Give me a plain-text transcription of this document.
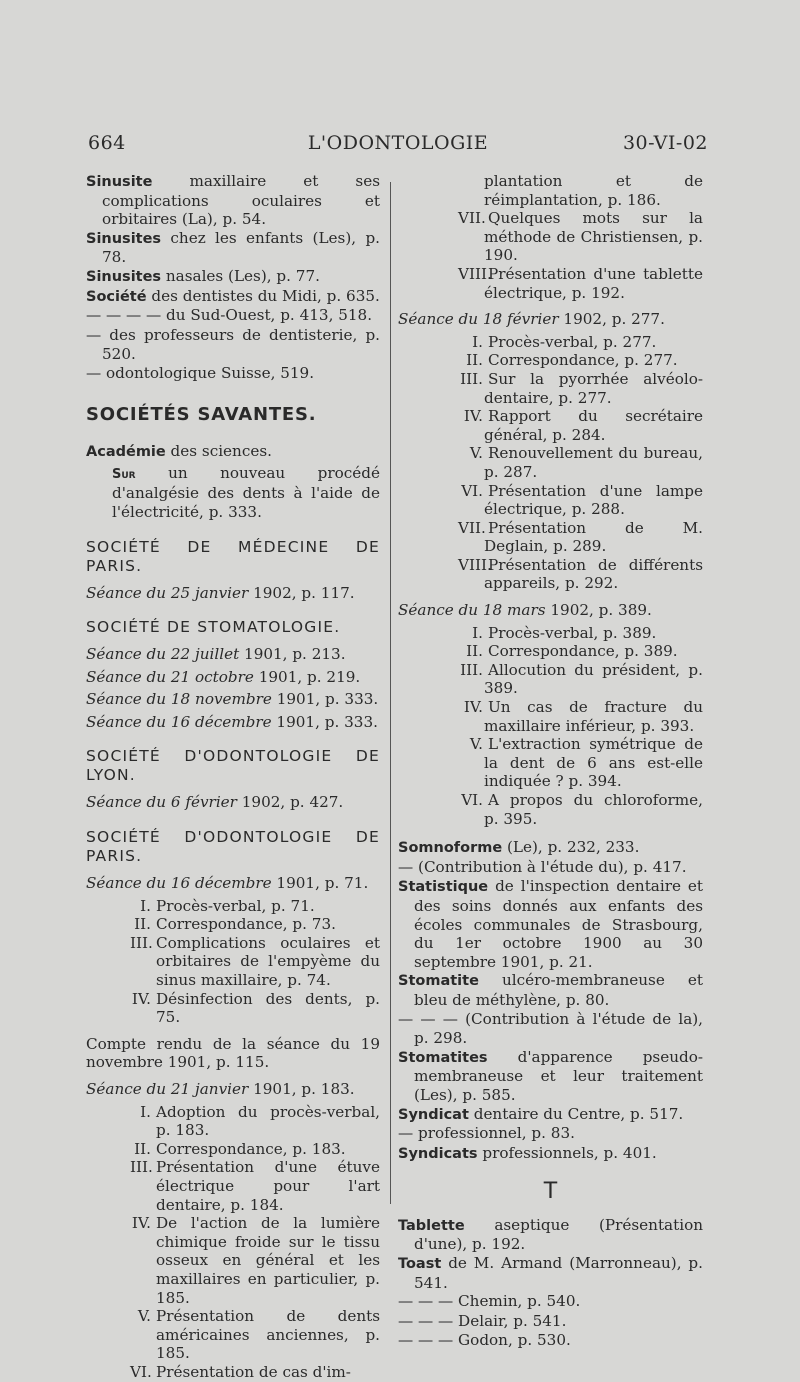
664	L'ODONTOLOGIE	30-VI-02

Sinusite maxillaire et ses complications oculaires et orbitaires (La), p. 54.

Sinusites chez les enfants (Les), p. 78.

Sinusites nasales (Les), p. 77.

Société des dentistes du Midi, p. 635.

— — — — du Sud-Ouest, p. 413, 518.

— des professeurs de dentisterie, p. 520.

— odontologique Suisse, 519.

SOCIÉTÉS SAVANTES.

Académie des sciences.

Sur un nouveau procédé d'analgésie des dents à l'aide de l'électricité, p. 333.

SOCIÉTÉ DE MÉDECINE DE PARIS.

Séance du 25 janvier 1902, p. 117.

SOCIÉTÉ DE STOMATOLOGIE.

Séance du 22 juillet 1901, p. 213.

Séance du 21 octobre 1901, p. 219.

Séance du 18 novembre 1901, p. 333.

Séance du 16 décembre 1901, p. 333.

SOCIÉTÉ D'ODONTOLOGIE DE LYON.

Séance du 6 février 1902, p. 427.

SOCIÉTÉ D'ODONTOLOGIE DE PARIS.

Séance du 16 décembre 1901, p. 71.

I. Procès-verbal, p. 71.

II. Correspondance, p. 73.

III. Complications oculaires et orbitaires de l'empyème du sinus maxillaire, p. 74.

IV. Désinfection des dents, p. 75.

Compte rendu de la séance du 19 novembre 1901, p. 115.

Séance du 21 janvier 1901, p. 183.

I. Adoption du procès-verbal, p. 183.

II. Correspondance, p. 183.

III. Présentation d'une étuve électrique pour l'art dentaire, p. 184.

IV. De l'action de la lumière chimique froide sur le tissu osseux en général et les maxillaires en particulier, p. 185.

V. Présentation de dents américaines anciennes, p. 185.

VI. Présentation de cas d'im-

plantation et de réimplantation, p. 186.

VII. Quelques mots sur la méthode de Christiensen, p. 190.

VIII.Présentation d'une tablette électrique, p. 192.

Séance du 18 février 1902, p. 277.

I. Procès-verbal, p. 277.

II. Correspondance, p. 277.

III. Sur la pyorrhée alvéolo-dentaire, p. 277.

IV. Rapport du secrétaire général, p. 284.

V. Renouvellement du bureau, p. 287.

VI. Présentation d'une lampe électrique, p. 288.

VII. Présentation de M. Deglain, p. 289.

VIII.Présentation de différents appareils, p. 292.

Séance du 18 mars 1902, p. 389.

I. Procès-verbal, p. 389.

II. Correspondance, p. 389.

III. Allocution du président, p. 389.

IV. Un cas de fracture du maxillaire inférieur, p. 393.

V. L'extraction symétrique de la dent de 6 ans est-elle indiquée ? p. 394.

VI. A propos du chloroforme, p. 395.

Somnoforme (Le), p. 232, 233.

— (Contribution à l'étude du), p. 417.

Statistique de l'inspection dentaire et des soins donnés aux enfants des écoles communales de Strasbourg, du 1er octobre 1900 au 30 septembre 1901, p. 21.

Stomatite ulcéro-membraneuse et bleu de méthylène, p. 80.

— — — (Contribution à l'étude de la), p. 298.

Stomatites d'apparence pseudo-membraneuse et leur traitement (Les), p. 585.

Syndicat dentaire du Centre, p. 517.

— professionnel, p. 83.

Syndicats professionnels, p. 401.

T

Tablette aseptique (Présentation d'une), p. 192.

Toast de M. Armand (Marronneau), p. 541.

— — — Chemin, p. 540.

— — — Delair, p. 541.

— — — Godon, p. 530.
